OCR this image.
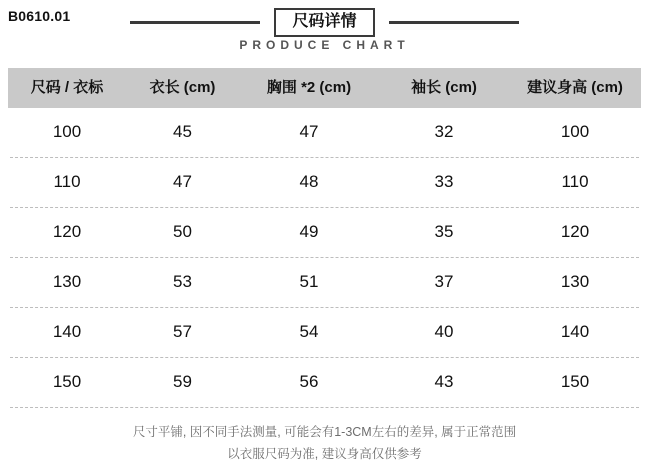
B0610.01	尺码详情
PRODUCE CHART
尺码 / 衣标	衣长 (cm)	胸围 *2 (cm)	袖长 (cm)	建议身高 (cm)
100	45	47	32	100
110	47	48	33	110
120	50	49	35	120
130	53	51	37	130
140	57	54	40	140
150	59	56	43	150
尺寸平铺, 因不同手法测量, 可能会有1-3CM左右的差异, 属于正常范围
以衣服尺码为准, 建议身高仅供参考
